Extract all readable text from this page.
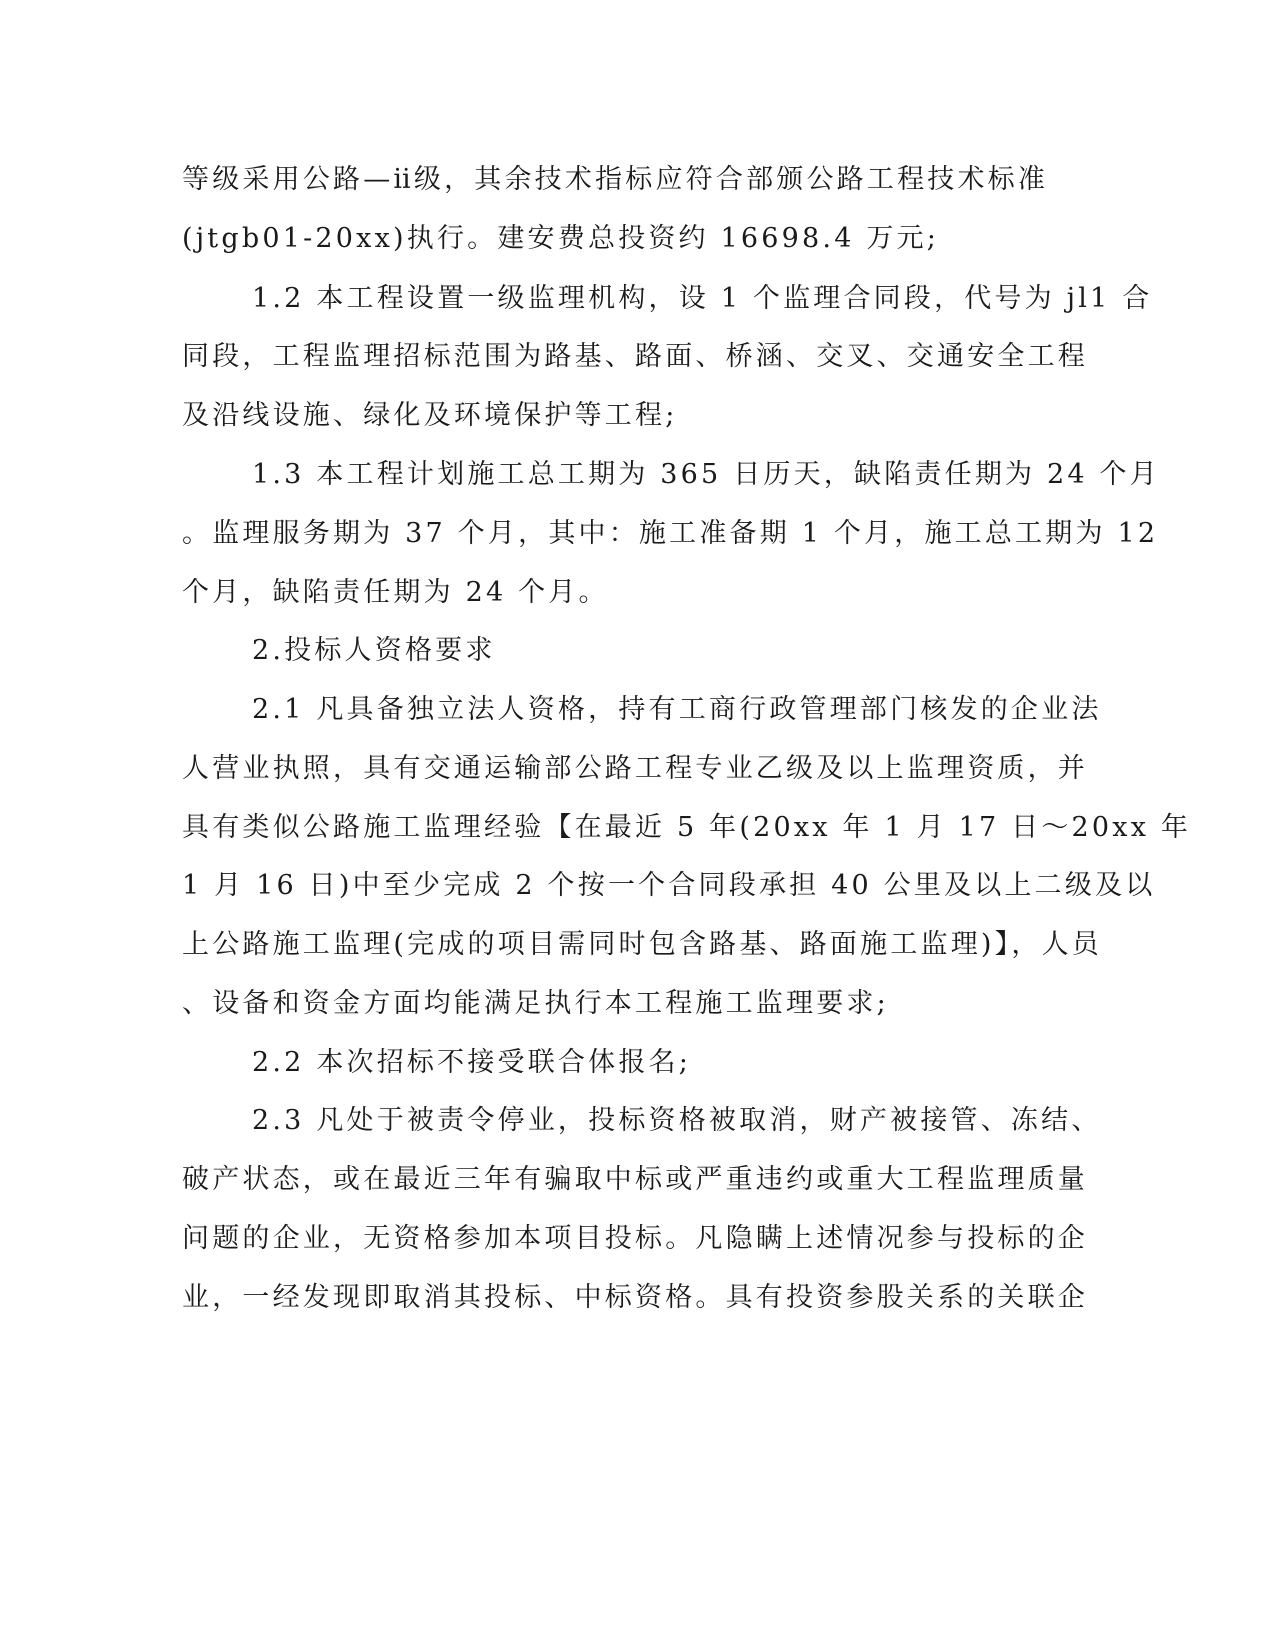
等级采用公路—ⅱ级，其余技术指标应符合部颁公路工程技术标准
(jtgb01-20xx)执行。建安费总投资约 16698.4 万元;
1.2 本工程设置一级监理机构，设 1 个监理合同段，代号为 jl1 合
同段，工程监理招标范围为路基、路面、桥涵、交叉、交通安全工程
及沿线设施、绿化及环境保护等工程;
1.3 本工程计划施工总工期为 365 日历天，缺陷责任期为 24 个月
。监理服务期为 37 个月，其中：施工准备期 1 个月，施工总工期为 12
个月，缺陷责任期为 24 个月。
2.投标人资格要求
2.1 凡具备独立法人资格，持有工商行政管理部门核发的企业法
人营业执照，具有交通运输部公路工程专业乙级及以上监理资质，并
具有类似公路施工监理经验【在最近 5 年(20xx 年 1 月 17 日～20xx 年
1 月 16 日)中至少完成 2 个按一个合同段承担 40 公里及以上二级及以
上公路施工监理(完成的项目需同时包含路基、路面施工监理)】，人员
、设备和资金方面均能满足执行本工程施工监理要求;
2.2 本次招标不接受联合体报名;
2.3 凡处于被责令停业，投标资格被取消，财产被接管、冻结、
破产状态，或在最近三年有骗取中标或严重违约或重大工程监理质量
问题的企业，无资格参加本项目投标。凡隐瞒上述情况参与投标的企
业，一经发现即取消其投标、中标资格。具有投资参股关系的关联企
